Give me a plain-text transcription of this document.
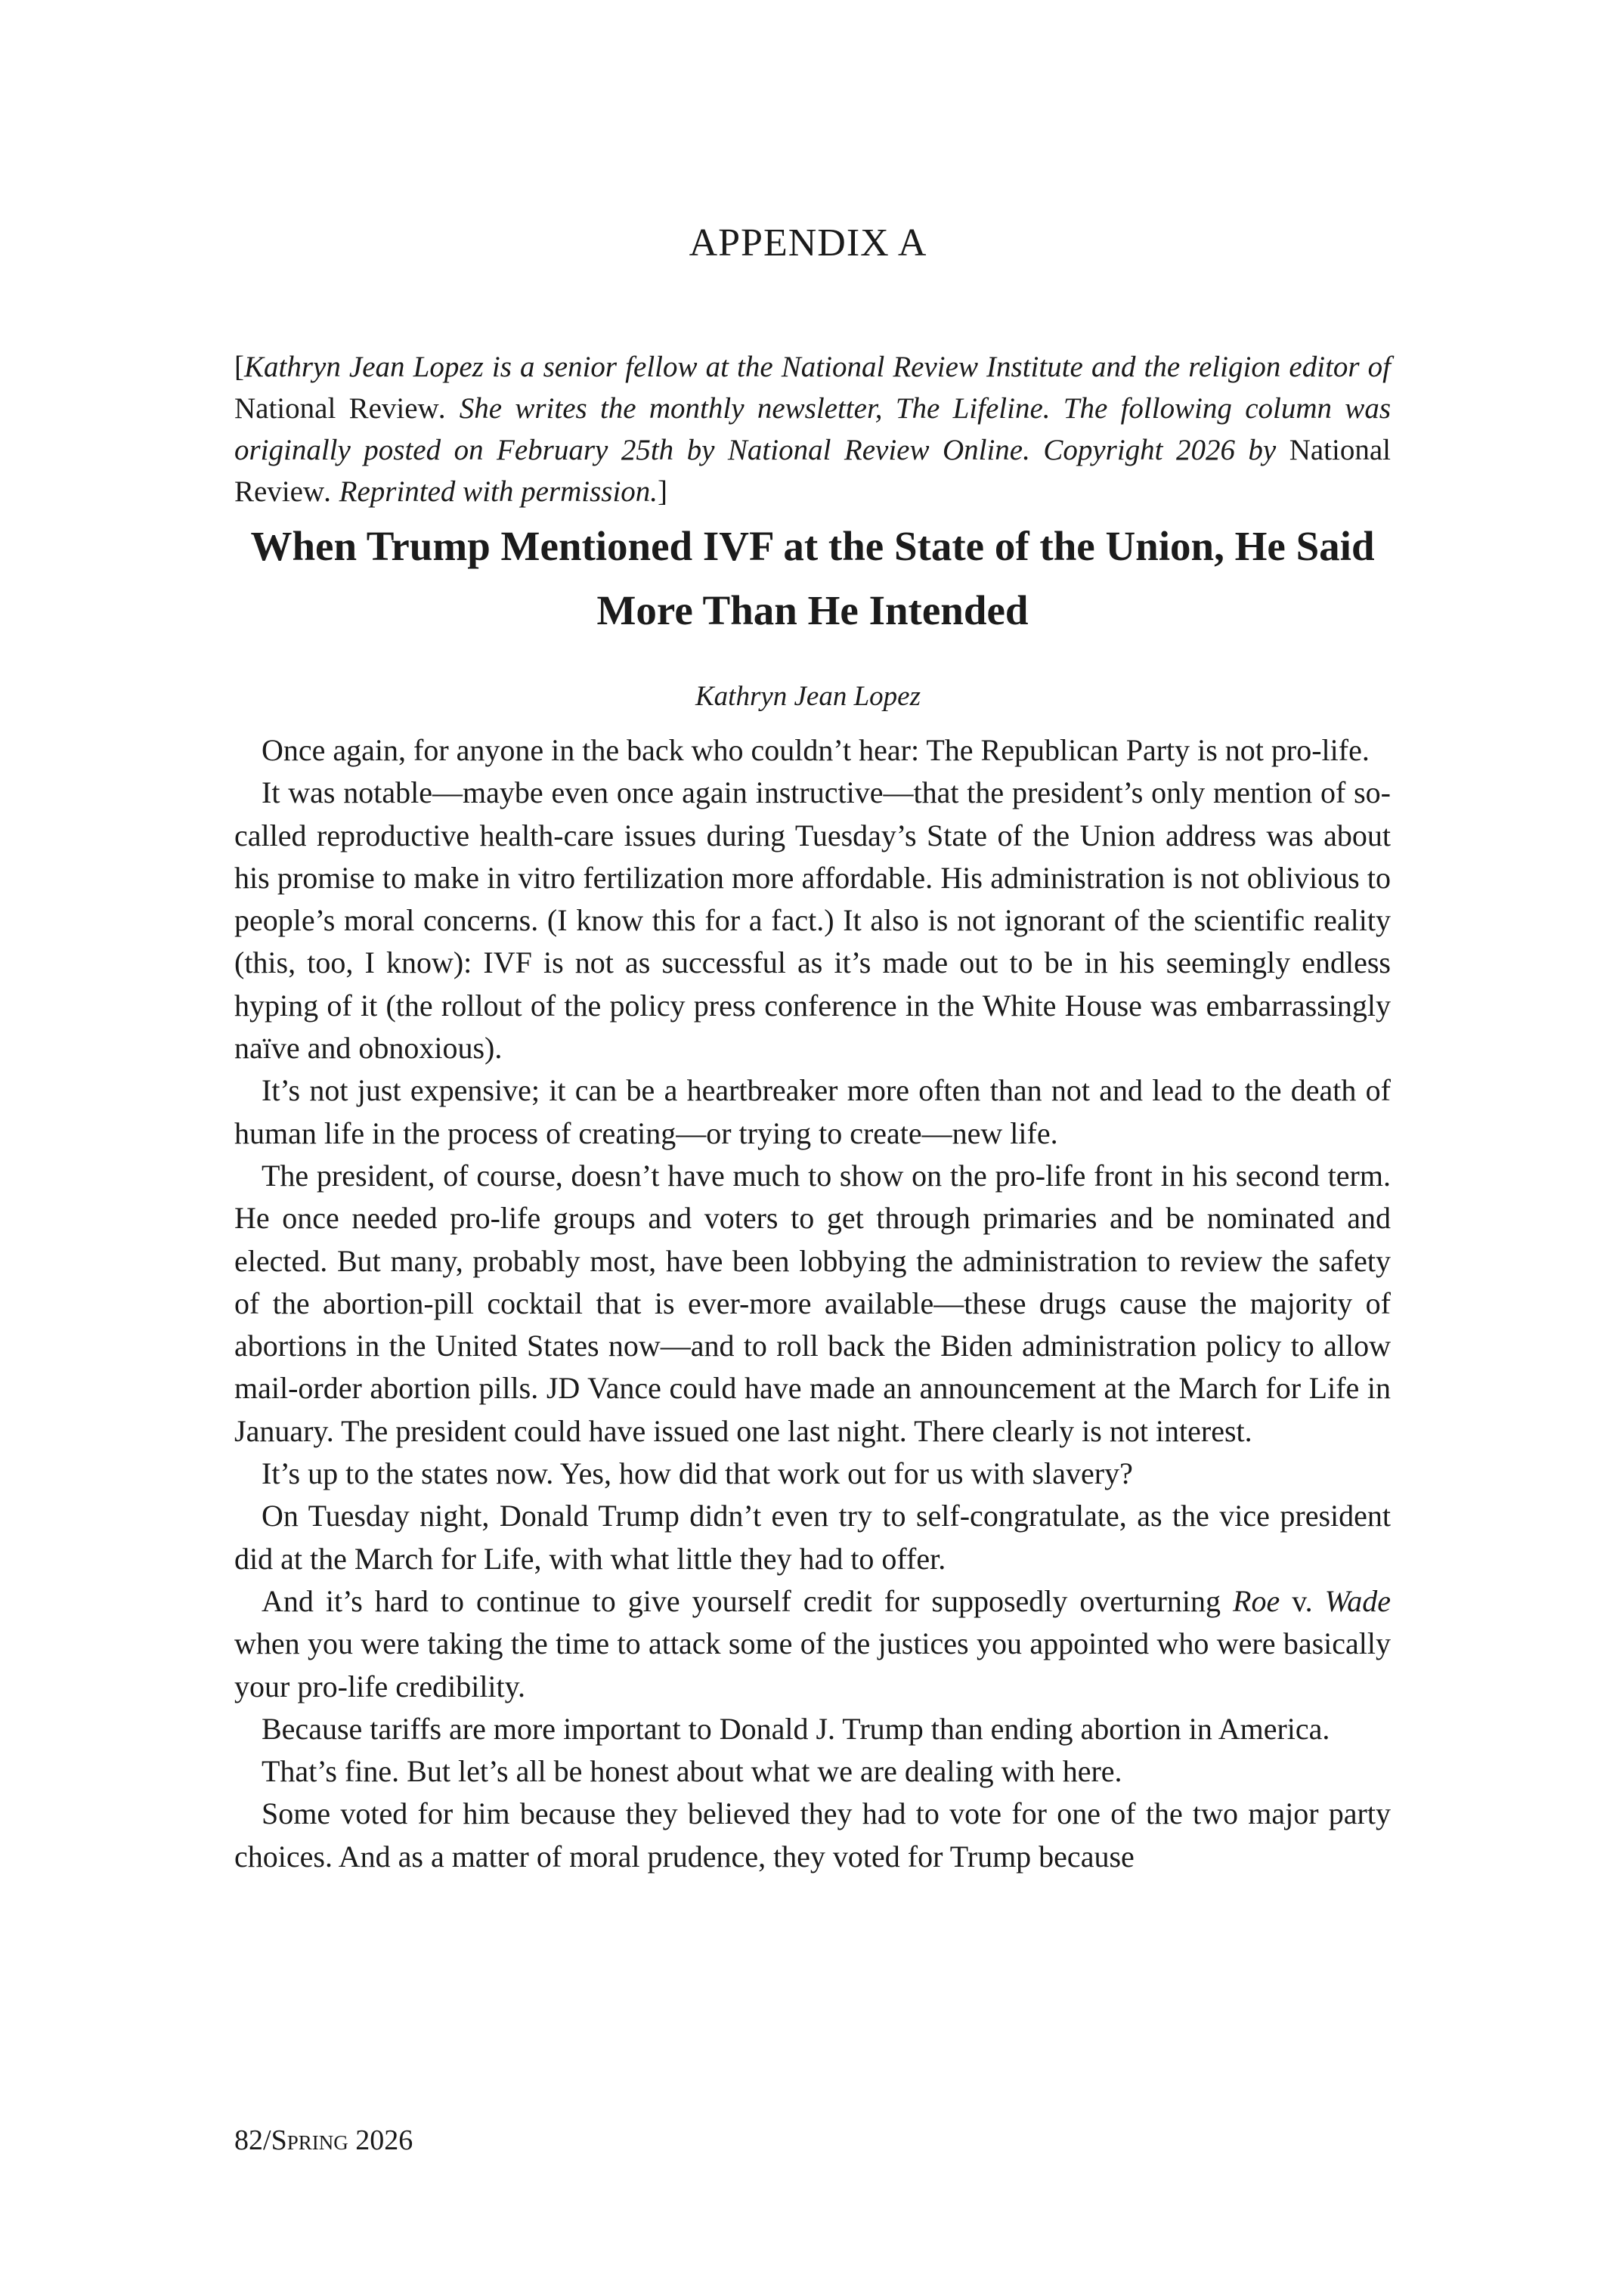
APPENDIX A

[Kathryn Jean Lopez is a senior fellow at the National Review Institute and the religion editor of National Review. She writes the monthly newsletter, The Lifeline. The following column was originally posted on February 25th by National Review Online. Copyright 2026 by National Review. Reprinted with permission.]

When Trump Mentioned IVF at the State of the Union, He Said More Than He Intended

Kathryn Jean Lopez

Once again, for anyone in the back who couldn’t hear: The Republican Party is not pro-life.

It was notable—maybe even once again instructive—that the president’s only mention of so-called reproductive health-care issues during Tuesday’s State of the Union address was about his promise to make in vitro fertilization more affordable. His administration is not oblivious to people’s moral concerns. (I know this for a fact.) It also is not ignorant of the scientific reality (this, too, I know): IVF is not as successful as it’s made out to be in his seemingly endless hyping of it (the rollout of the policy press conference in the White House was embarrassingly naïve and obnoxious).

It’s not just expensive; it can be a heartbreaker more often than not and lead to the death of human life in the process of creating—or trying to create—new life.

The president, of course, doesn’t have much to show on the pro-life front in his second term. He once needed pro-life groups and voters to get through primaries and be nominated and elected. But many, probably most, have been lobbying the administration to review the safety of the abortion-pill cocktail that is ever-more available—these drugs cause the majority of abortions in the United States now—and to roll back the Biden administration policy to allow mail-order abortion pills. JD Vance could have made an announcement at the March for Life in January. The president could have issued one last night. There clearly is not interest.

It’s up to the states now. Yes, how did that work out for us with slavery?

On Tuesday night, Donald Trump didn’t even try to self-congratulate, as the vice president did at the March for Life, with what little they had to offer.

And it’s hard to continue to give yourself credit for supposedly overturning Roe v. Wade when you were taking the time to attack some of the justices you appointed who were basically your pro-life credibility.

Because tariffs are more important to Donald J. Trump than ending abortion in America.

That’s fine. But let’s all be honest about what we are dealing with here.

Some voted for him because they believed they had to vote for one of the two major party choices. And as a matter of moral prudence, they voted for Trump because

82/Spring 2026
